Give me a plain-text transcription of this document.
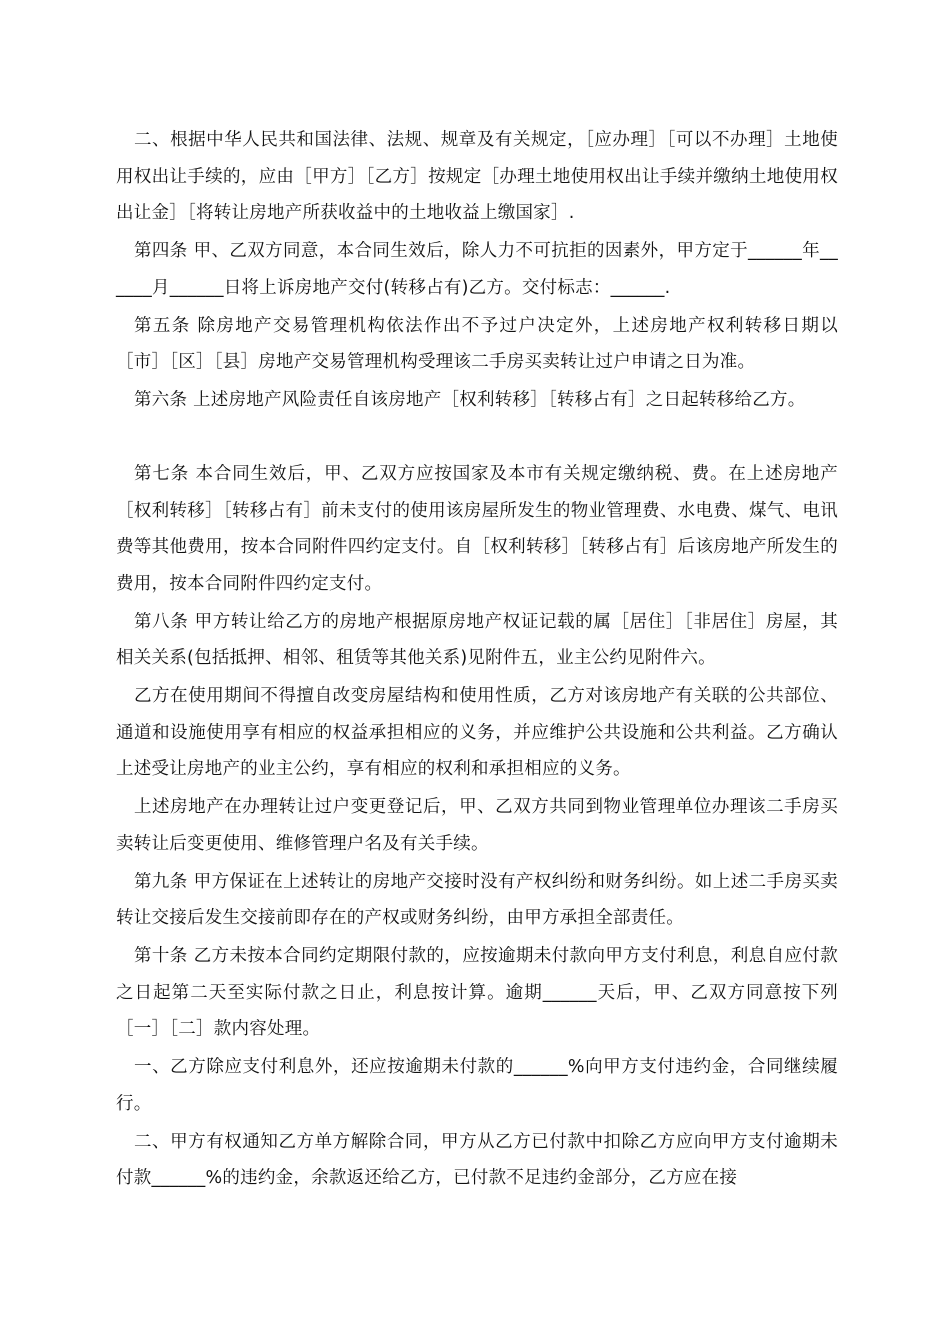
二、根据中华人民共和国法律、法规、规章及有关规定，［应办理］［可以不办理］土地使用权出让手续的，应由［甲方］［乙方］按规定［办理土地使用权出让手续并缴纳土地使用权出让金］［将转让房地产所获收益中的土地收益上缴国家］.

第四条 甲、乙双方同意，本合同生效后，除人力不可抗拒的因素外，甲方定于______年______月______日将上诉房地产交付(转移占有)乙方。交付标志：______.

第五条 除房地产交易管理机构依法作出不予过户决定外，上述房地产权利转移日期以［市］［区］［县］房地产交易管理机构受理该二手房买卖转让过户申请之日为准。

第六条 上述房地产风险责任自该房地产［权利转移］［转移占有］之日起转移给乙方。

第七条 本合同生效后，甲、乙双方应按国家及本市有关规定缴纳税、费。在上述房地产［权利转移］［转移占有］前未支付的使用该房屋所发生的物业管理费、水电费、煤气、电讯费等其他费用，按本合同附件四约定支付。自［权利转移］［转移占有］后该房地产所发生的费用，按本合同附件四约定支付。

第八条 甲方转让给乙方的房地产根据原房地产权证记载的属［居住］［非居住］房屋，其相关关系(包括抵押、相邻、租赁等其他关系)见附件五，业主公约见附件六。

乙方在使用期间不得擅自改变房屋结构和使用性质，乙方对该房地产有关联的公共部位、通道和设施使用享有相应的权益承担相应的义务，并应维护公共设施和公共利益。乙方确认上述受让房地产的业主公约，享有相应的权利和承担相应的义务。

上述房地产在办理转让过户变更登记后，甲、乙双方共同到物业管理单位办理该二手房买卖转让后变更使用、维修管理户名及有关手续。

第九条 甲方保证在上述转让的房地产交接时没有产权纠纷和财务纠纷。如上述二手房买卖转让交接后发生交接前即存在的产权或财务纠纷，由甲方承担全部责任。

第十条 乙方未按本合同约定期限付款的，应按逾期未付款向甲方支付利息，利息自应付款之日起第二天至实际付款之日止，利息按计算。逾期______天后，甲、乙双方同意按下列［一］［二］款内容处理。

一、乙方除应支付利息外，还应按逾期未付款的______%向甲方支付违约金，合同继续履行。

二、甲方有权通知乙方单方解除合同，甲方从乙方已付款中扣除乙方应向甲方支付逾期未付款______%的违约金，余款返还给乙方，已付款不足违约金部分，乙方应在接
